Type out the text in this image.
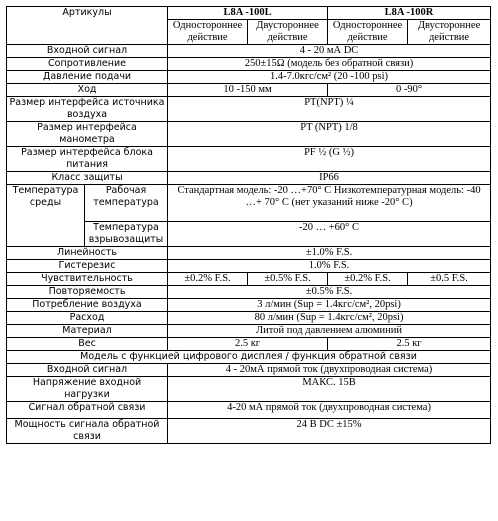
Артикулы		L8A -100L		L8A -100R	
		Одностороннее действие	Двустороннее действие	Одностороннее действие	Двустороннее действие
Входной сигнал		4 - 20 мА DC			
Сопротивление		250±15Ω (модель без обратной связи)			
Давление подачи		1.4-7.0кгс/см² (20 -100 psi)			
Ход		10 -150 мм		0 -90°	
Размер интерфейса источника воздуха		PT(NPT) ¼			
Размер интерфейса манометра		PT (NPT) 1/8			
Размер интерфейса блока питания		PF ½ (G ½)			
Класс защиты		IP66			
Температура среды	Рабочая температура	Стандартная модель: -20 …+70° C Низкотемпературная модель: -40 …+ 70° C (нет указаний ниже -20° C)			
	Температура взрывозащиты	-20 … +60° C			
Линейность		±1.0% F.S.			
Гистерезис		1.0% F.S.			
Чувствительность		±0.2% F.S.	±0.5% F.S.	±0.2% F.S.	±0.5 F.S.
Повторяемость		±0.5% F.S.			
Потребление воздуха		3 л/мин (Sup = 1.4кгс/см², 20psi)			
Расход		80 л/мин (Sup = 1.4кгс/см², 20psi)			
Материал		Литой под давлением алюминий			
Вес		2.5 кг		2.5 кг	
Модель с функцией цифрового дисплея / функция обратной связи					
Входной сигнал		4 - 20мА прямой ток (двухпроводная система)			
Напряжение входной нагрузки		МАКС. 15В			
Сигнал обратной связи		4-20 мА прямой ток (двухпроводная система)			
Мощность сигнала обратной связи		24 В DC ±15%			
